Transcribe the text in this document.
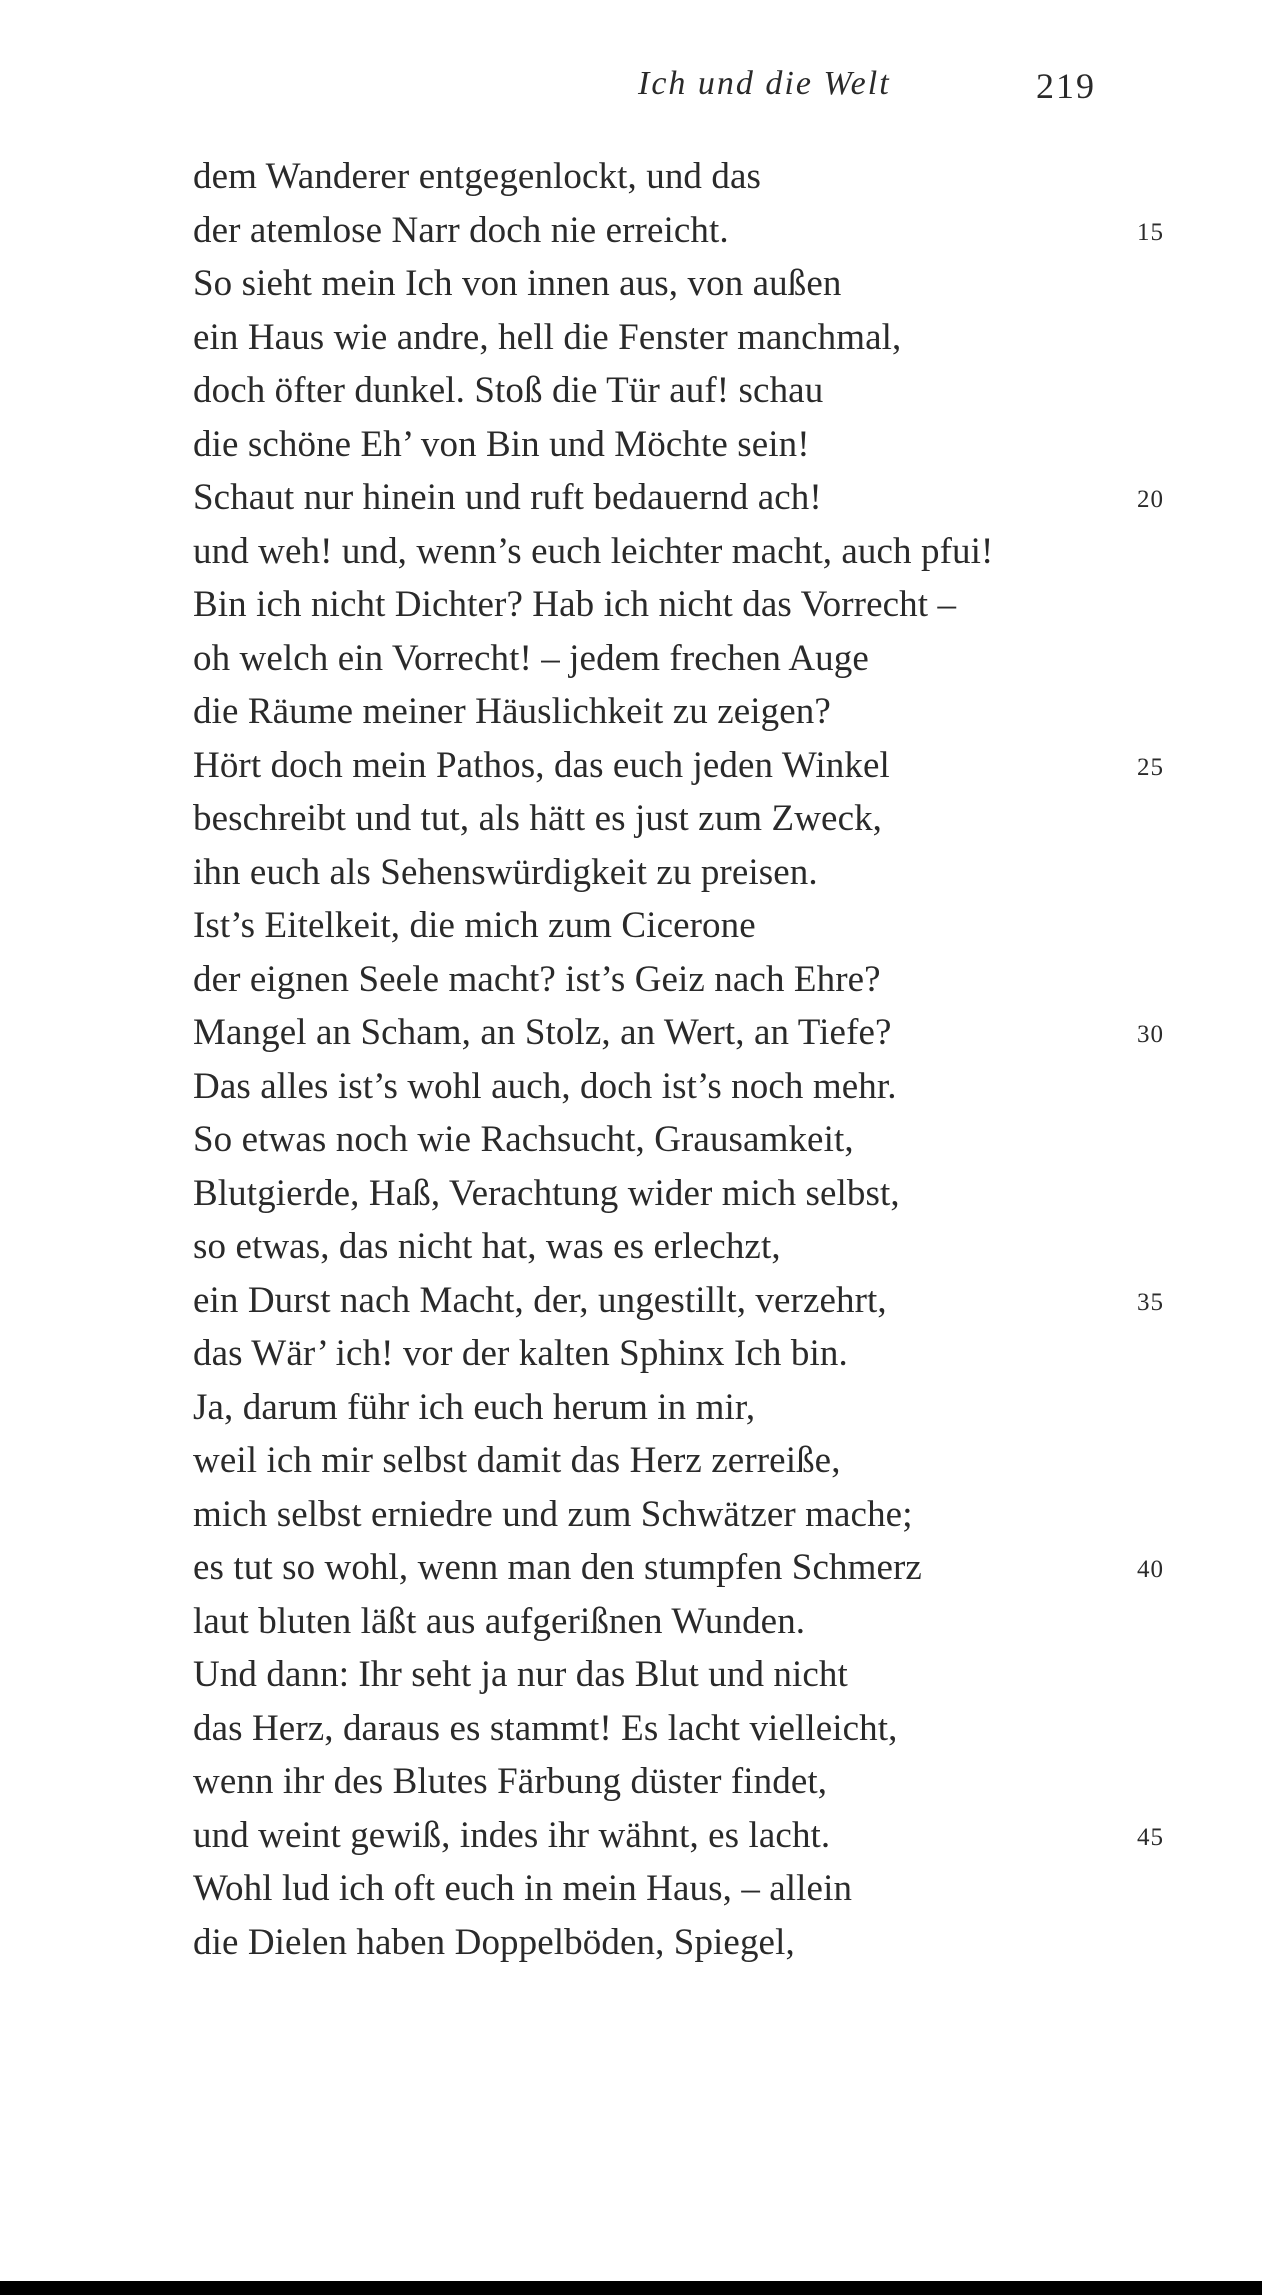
Ich und die Welt	219
dem Wanderer entgegenlockt, und das
der atemlose Narr doch nie erreicht.	15
So sieht mein Ich von innen aus, von außen
ein Haus wie andre, hell die Fenster manchmal,
doch öfter dunkel. Stoß die Tür auf! schau
die schöne Eh’ von Bin und Möchte sein!
Schaut nur hinein und ruft bedauernd ach!	20
und weh! und, wenn’s euch leichter macht, auch pfui!
Bin ich nicht Dichter? Hab ich nicht das Vorrecht –
oh welch ein Vorrecht! – jedem frechen Auge
die Räume meiner Häuslichkeit zu zeigen?
Hört doch mein Pathos, das euch jeden Winkel	25
beschreibt und tut, als hätt es just zum Zweck,
ihn euch als Sehenswürdigkeit zu preisen.
Ist’s Eitelkeit, die mich zum Cicerone
der eignen Seele macht? ist’s Geiz nach Ehre?
Mangel an Scham, an Stolz, an Wert, an Tiefe?	30
Das alles ist’s wohl auch, doch ist’s noch mehr.
So etwas noch wie Rachsucht, Grausamkeit,
Blutgierde, Haß, Verachtung wider mich selbst,
so etwas, das nicht hat, was es erlechzt,
ein Durst nach Macht, der, ungestillt, verzehrt,	35
das Wär’ ich! vor der kalten Sphinx Ich bin.
Ja, darum führ ich euch herum in mir,
weil ich mir selbst damit das Herz zerreiße,
mich selbst erniedre und zum Schwätzer mache;
es tut so wohl, wenn man den stumpfen Schmerz	40
laut bluten läßt aus aufgerißnen Wunden.
Und dann: Ihr seht ja nur das Blut und nicht
das Herz, daraus es stammt! Es lacht vielleicht,
wenn ihr des Blutes Färbung düster findet,
und weint gewiß, indes ihr wähnt, es lacht.	45
Wohl lud ich oft euch in mein Haus, – allein
die Dielen haben Doppelböden, Spiegel,
